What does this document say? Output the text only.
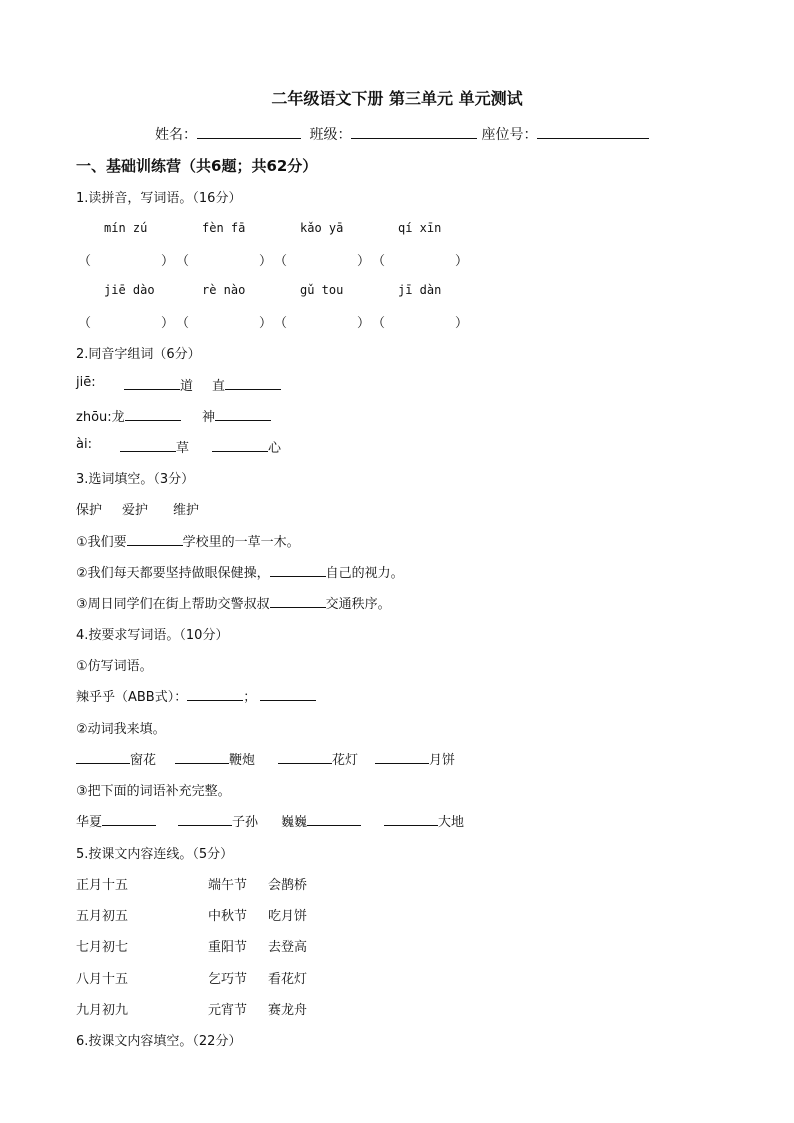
二年级语文下册 第三单元 单元测试
姓名：	班级：	座位号：
一、基础训练营（共6题；共62分）
1.读拼音，写词语。（16分）
mín zú	fèn fā	kǎo yā	qí xīn
（	） （	） （	） （	）
jiē dào	rè nào	gǔ tou	jī dàn
（	） （	） （	） （	）
2.同音字组词（6分）
jiē:	道 直
zhōu:龙	神
ài:	草	心
3.选词填空。（3分）
保护 爱护 维护
①我们要	学校里的一草一木。
②我们每天都要坚持做眼保健操，	自己的视力。
③周日同学们在街上帮助交警叔叔	交通秩序。
4.按要求写词语。（10分）
①仿写词语。
辣乎乎（ABB式）：	；
②动词我来填。
窗花	鞭炮	花灯	月饼
③把下面的词语补充完整。
华夏	子孙 巍巍	大地
5.按课文内容连线。（5分）
正月十五	端午节 会鹊桥
五月初五	中秋节 吃月饼
七月初七	重阳节 去登高
八月十五	乞巧节 看花灯
九月初九	元宵节 赛龙舟
6.按课文内容填空。（22分）
